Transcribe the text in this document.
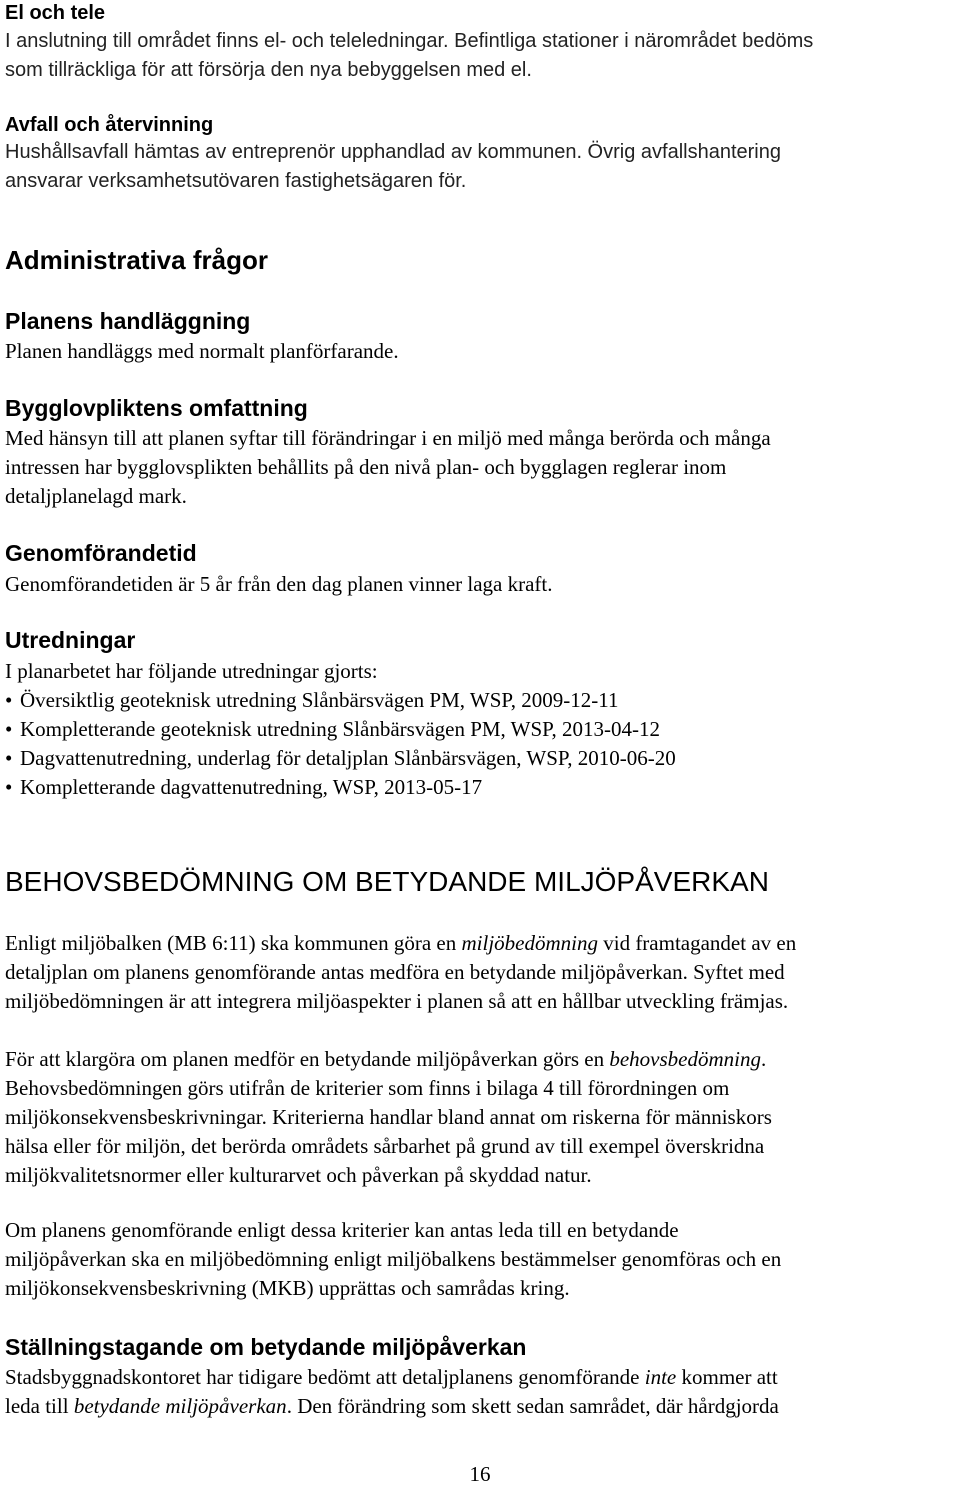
El och tele
I anslutning till området finns el- och teleledningar. Befintliga stationer i närområdet bedöms
som tillräckliga för att försörja den nya bebyggelsen med el.
Avfall och återvinning
Hushållsavfall hämtas av entreprenör upphandlad av kommunen. Övrig avfallshantering
ansvarar verksamhetsutövaren fastighetsägaren för.
Administrativa frågor
Planens handläggning
Planen handläggs med normalt planförfarande.
Bygglovpliktens omfattning
Med hänsyn till att planen syftar till förändringar i en miljö med många berörda och många
intressen har bygglovsplikten behållits på den nivå plan- och bygglagen reglerar inom
detaljplanelagd mark.
Genomförandetid
Genomförandetiden är 5 år från den dag planen vinner laga kraft.
Utredningar
I planarbetet har följande utredningar gjorts:
• Översiktlig geoteknisk utredning Slånbärsvägen PM, WSP, 2009-12-11
• Kompletterande geoteknisk utredning Slånbärsvägen PM, WSP, 2013-04-12
• Dagvattenutredning, underlag för detaljplan Slånbärsvägen, WSP, 2010-06-20
• Kompletterande dagvattenutredning, WSP, 2013-05-17
BEHOVSBEDÖMNING OM BETYDANDE MILJÖPÅVERKAN
Enligt miljöbalken (MB 6:11) ska kommunen göra en miljöbedömning vid framtagandet av en
detaljplan om planens genomförande antas medföra en betydande miljöpåverkan. Syftet med
miljöbedömningen är att integrera miljöaspekter i planen så att en hållbar utveckling främjas.
För att klargöra om planen medför en betydande miljöpåverkan görs en behovsbedömning.
Behovsbedömningen görs utifrån de kriterier som finns i bilaga 4 till förordningen om
miljökonsekvensbeskrivningar. Kriterierna handlar bland annat om riskerna för människors
hälsa eller för miljön, det berörda områdets sårbarhet på grund av till exempel överskridna
miljökvalitetsnormer eller kulturarvet och påverkan på skyddad natur.
Om planens genomförande enligt dessa kriterier kan antas leda till en betydande
miljöpåverkan ska en miljöbedömning enligt miljöbalkens bestämmelser genomföras och en
miljökonsekvensbeskrivning (MKB) upprättas och samrådas kring.
Ställningstagande om betydande miljöpåverkan
Stadsbyggnadskontoret har tidigare bedömt att detaljplanens genomförande inte kommer att
leda till betydande miljöpåverkan. Den förändring som skett sedan samrådet, där hårdgjorda
16
